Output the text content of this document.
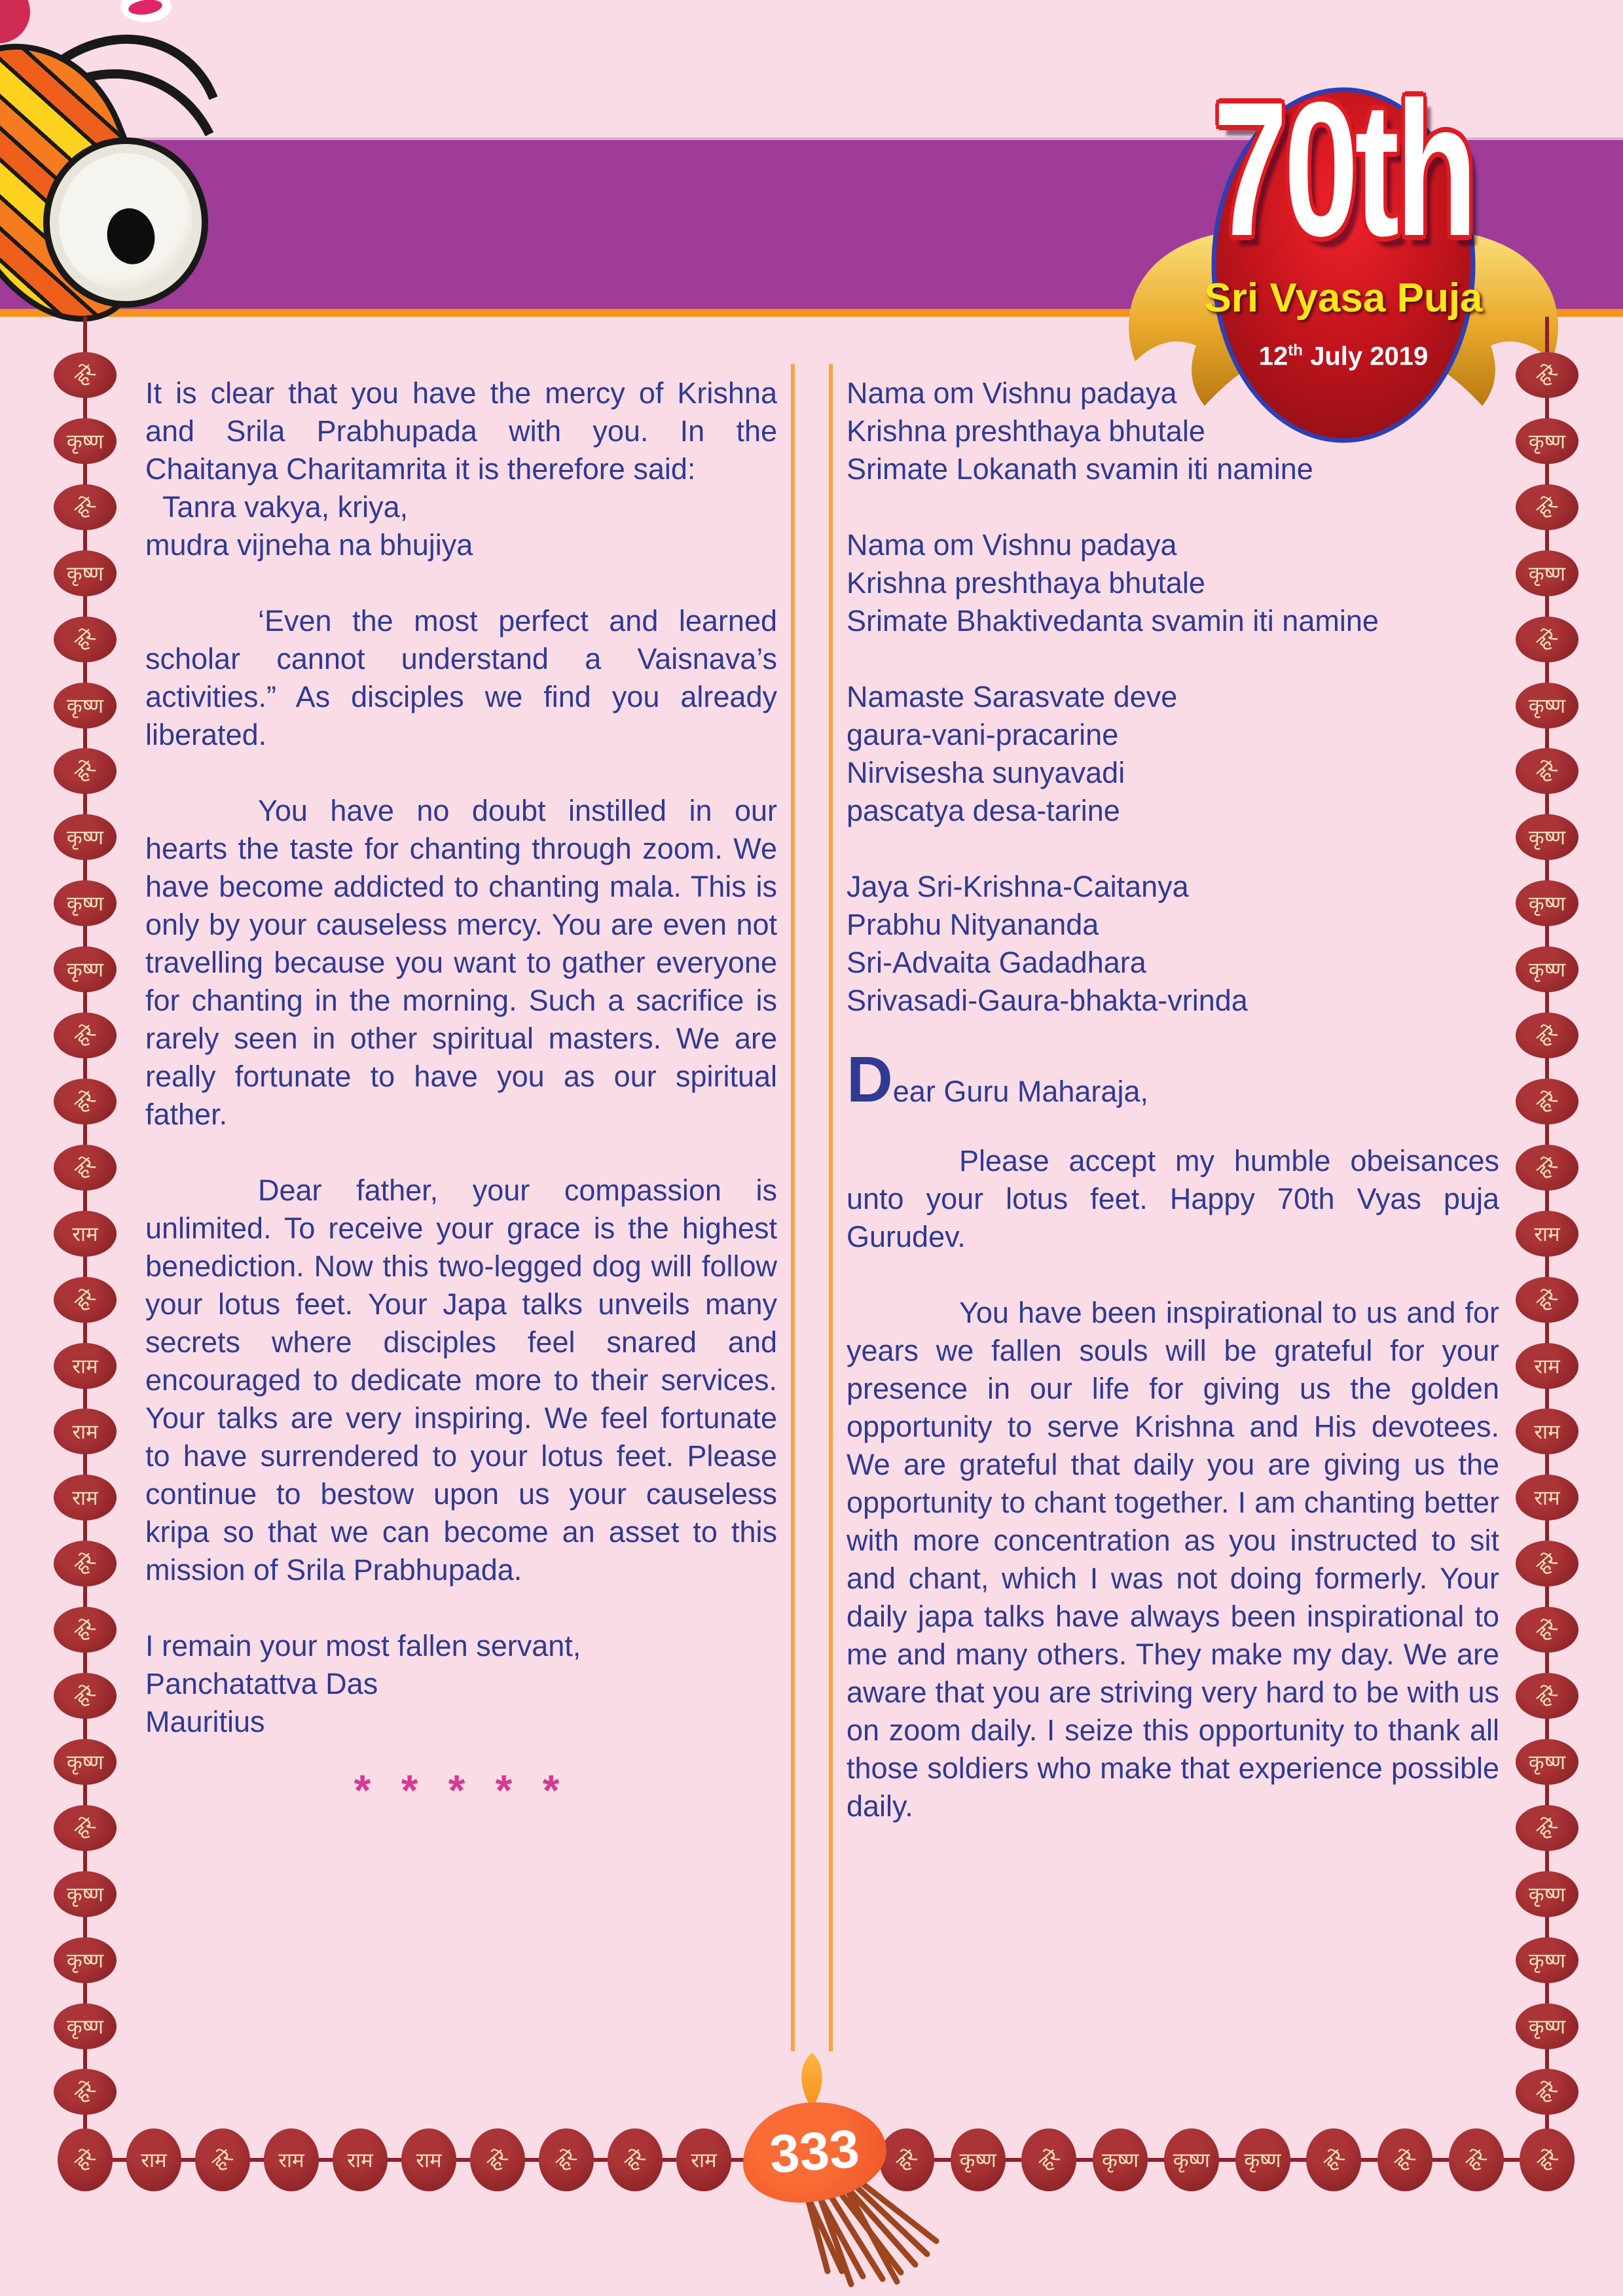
70th
Sri Vyasa Puja
12th July 2019
हरे
कृष्ण
हरे
कृष्ण
हरे
कृष्ण
हरे
कृष्ण
कृष्ण
कृष्ण
हरे
हरे
हरे
राम
हरे
राम
राम
राम
हरे
हरे
हरे
कृष्ण
हरे
कृष्ण
कृष्ण
कृष्ण
हरे
हरे
कृष्ण
हरे
कृष्ण
हरे
कृष्ण
हरे
कृष्ण
कृष्ण
कृष्ण
हरे
हरे
हरे
राम
हरे
राम
राम
राम
हरे
हरे
हरे
कृष्ण
हरे
कृष्ण
कृष्ण
कृष्ण
हरे
हरे राम हरे राम राम राम हरे हरे हरे राम	हरे कृष्ण हरे कृष्ण कृष्ण कृष्ण हरे हरे हरे हरे
333

It is clear that you have the mercy of Krishna and Srila Prabhupada with you. In the Chaitanya Charitamrita it is therefore said:

Tanra vakya, kriya,
mudra vijneha na bhujiya

‘Even the most perfect and learned scholar cannot understand a Vaisnava’s activities.” As disciples we find you already liberated.

You have no doubt instilled in our hearts the taste for chanting through zoom. We have become addicted to chanting mala. This is only by your causeless mercy. You are even not travelling because you want to gather everyone for chanting in the morning. Such a sacrifice is rarely seen in other spiritual masters. We are really fortunate to have you as our spiritual father.

Dear father, your compassion is unlimited. To receive your grace is the highest benediction. Now this two-legged dog will follow your lotus feet. Your Japa talks unveils many secrets where disciples feel snared and encouraged to dedicate more to their services. Your talks are very inspiring. We feel fortunate to have surrendered to your lotus feet. Please continue to bestow upon us your causeless kripa so that we can become an asset to this mission of Srila Prabhupada.

I remain your most fallen servant,
Panchatattva Das
Mauritius
* * * * *
Nama om Vishnu padaya
Krishna preshthaya bhutale
Srimate Lokanath svamin iti namine
Nama om Vishnu padaya
Krishna preshthaya bhutale
Srimate Bhaktivedanta svamin iti namine
Namaste Sarasvate deve
gaura-vani-pracarine
Nirvisesha sunyavadi
pascatya desa-tarine
Jaya Sri-Krishna-Caitanya
Prabhu Nityananda
Sri-Advaita Gadadhara
Srivasadi-Gaura-bhakta-vrinda
Dear Guru Maharaja,

Please accept my humble obeisances unto your lotus feet. Happy 70th Vyas puja Gurudev.

You have been inspirational to us and for years we fallen souls will be grateful for your presence in our life for giving us the golden opportunity to serve Krishna and His devotees. We are grateful that daily you are giving us the opportunity to chant together. I am chanting better with more concentration as you instructed to sit and chant, which I was not doing formerly. Your daily japa talks have always been inspirational to me and many others. They make my day. We are aware that you are striving very hard to be with us on zoom daily. I seize this opportunity to thank all those soldiers who make that experience possible daily.
